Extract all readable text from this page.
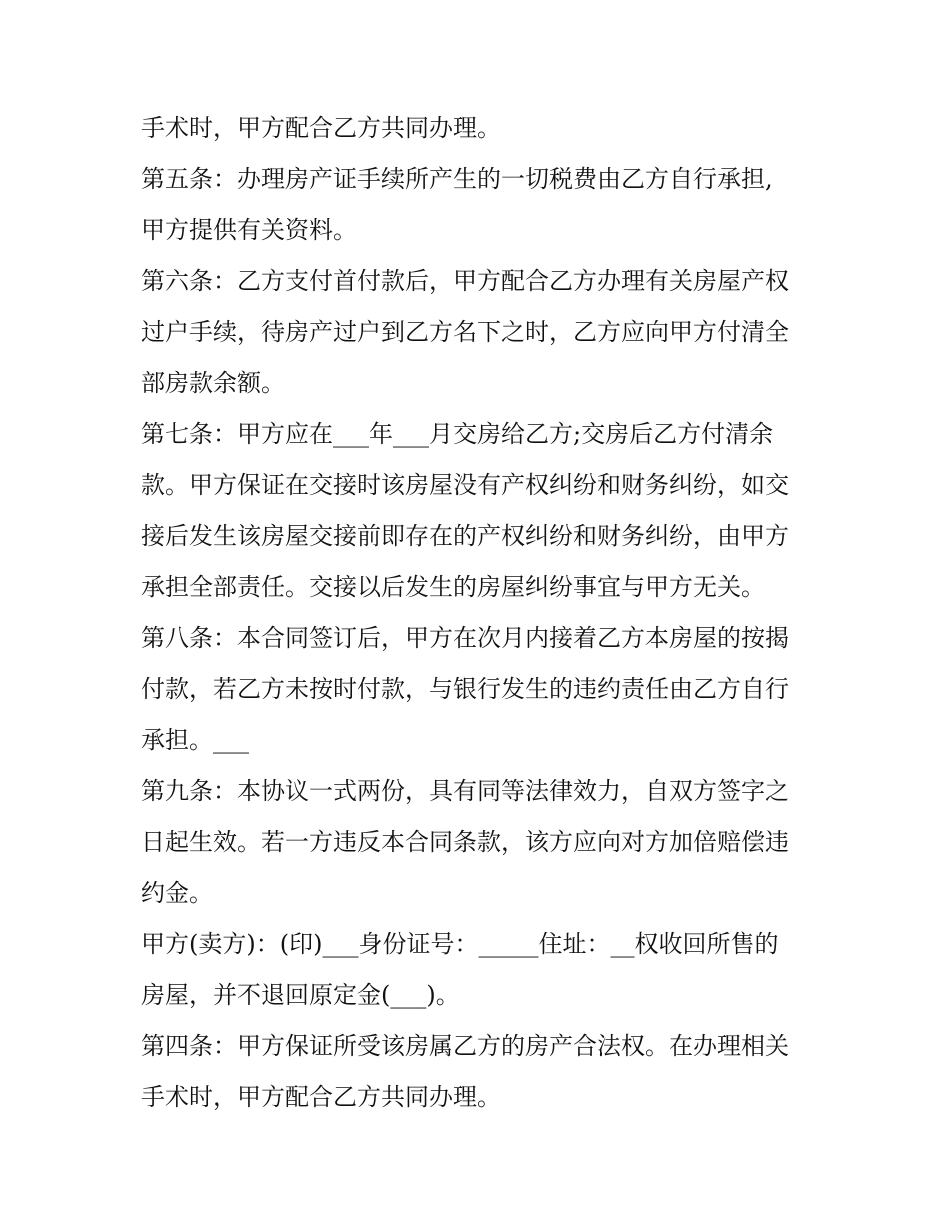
手术时，甲方配合乙方共同办理。
第五条：办理房产证手续所产生的一切税费由乙方自行承担,
甲方提供有关资料。
第六条：乙方支付首付款后，甲方配合乙方办理有关房屋产权
过户手续，待房产过户到乙方名下之时，乙方应向甲方付清全
部房款余额。
第七条：甲方应在___年___月交房给乙方;交房后乙方付清余
款。甲方保证在交接时该房屋没有产权纠纷和财务纠纷，如交
接后发生该房屋交接前即存在的产权纠纷和财务纠纷，由甲方
承担全部责任。交接以后发生的房屋纠纷事宜与甲方无关。
第八条：本合同签订后，甲方在次月内接着乙方本房屋的按揭
付款，若乙方未按时付款，与银行发生的违约责任由乙方自行
承担。___
第九条：本协议一式两份，具有同等法律效力，自双方签字之
日起生效。若一方违反本合同条款，该方应向对方加倍赔偿违
约金。
甲方(卖方)：(印)___身份证号：_____住址：__权收回所售的
房屋，并不退回原定金(___)。
第四条：甲方保证所受该房属乙方的房产合法权。在办理相关
手术时，甲方配合乙方共同办理。
